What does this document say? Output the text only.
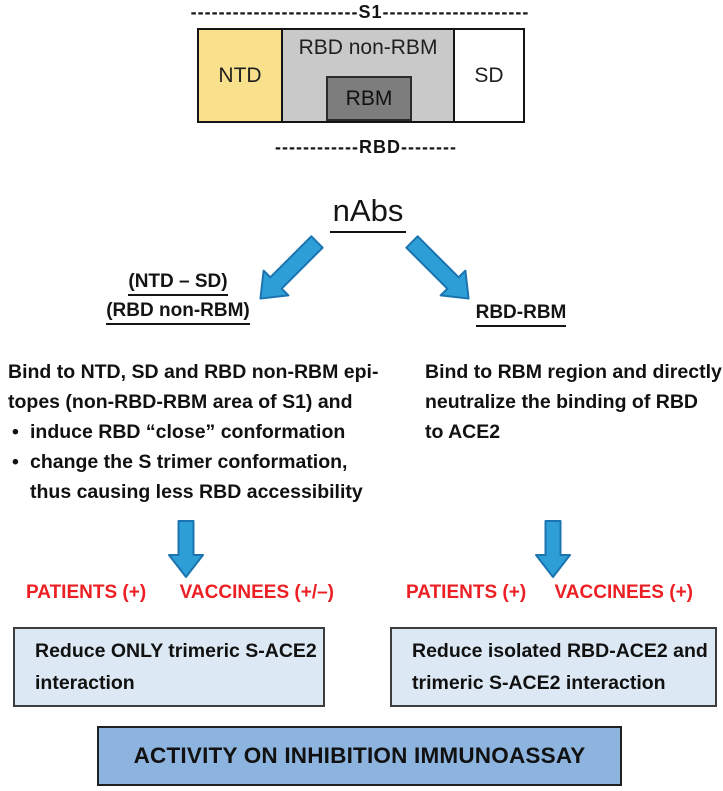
------------------------S1---------------------
NTD
RBD non-RBM
RBM
SD
------------RBD--------
nAbs
(NTD – SD)
(RBD non-RBM)	RBD-RBM
Bind to NTD, SD and RBD non-RBM epi-
topes (non-RBD-RBM area of S1) and
• induce RBD “close” conformation
• change the S trimer conformation,
thus causing less RBD accessibility
Bind to RBM region and directly
neutralize the binding of RBD
to ACE2
PATIENTS (+) VACCINEES (+/–)	PATIENTS (+) VACCINEES (+)
Reduce ONLY trimeric S-ACE2
interaction
Reduce isolated RBD-ACE2 and
trimeric S-ACE2 interaction
ACTIVITY ON INHIBITION IMMUNOASSAY
